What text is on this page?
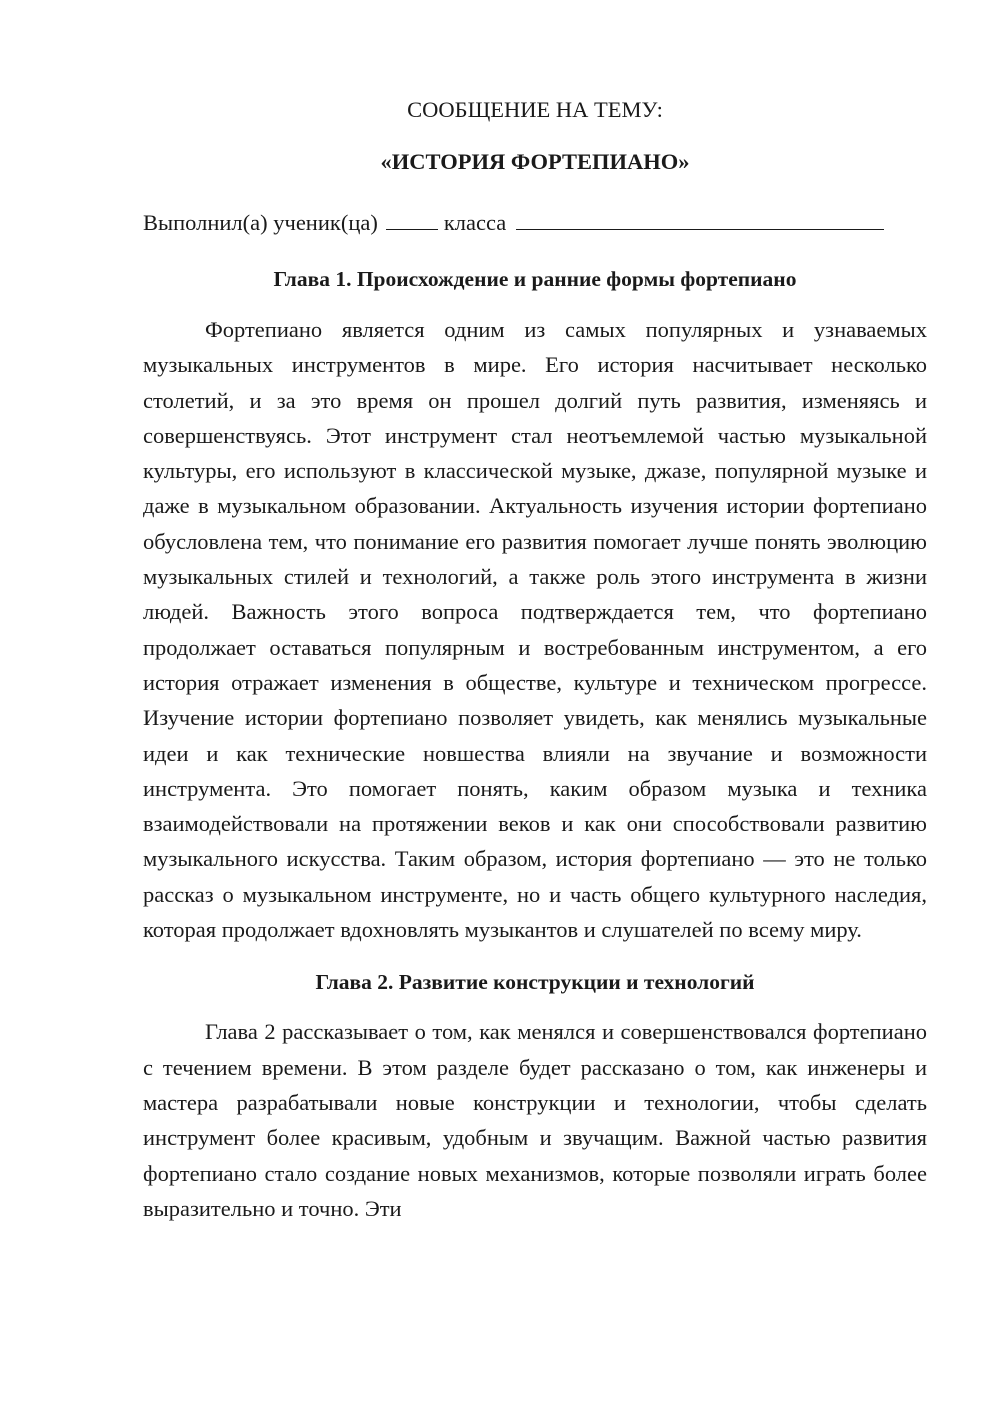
СООБЩЕНИЕ НА ТЕМУ:

«ИСТОРИЯ ФОРТЕПИАНО»

Выполнил(а) ученик(ца)	класса

Глава 1. Происхождение и ранние формы фортепиано

Фортепиано является одним из самых популярных и узнаваемых музыкальных инструментов в мире. Его история насчитывает несколько столетий, и за это время он прошел долгий путь развития, изменяясь и совершенствуясь. Этот инструмент стал неотъемлемой частью музыкальной культуры, его используют в классической музыке, джазе, популярной музыке и даже в музыкальном образовании. Актуальность изучения истории фортепиано обусловлена тем, что понимание его развития помогает лучше понять эволюцию музыкальных стилей и технологий, а также роль этого инструмента в жизни людей. Важность этого вопроса подтверждается тем, что фортепиано продолжает оставаться популярным и востребованным инструментом, а его история отражает изменения в обществе, культуре и техническом прогрессе. Изучение истории фортепиано позволяет увидеть, как менялись музыкальные идеи и как технические новшества влияли на звучание и возможности инструмента. Это помогает понять, каким образом музыка и техника взаимодействовали на протяжении веков и как они способствовали развитию музыкального искусства. Таким образом, история фортепиано — это не только рассказ о музыкальном инструменте, но и часть общего культурного наследия, которая продолжает вдохновлять музыкантов и слушателей по всему миру.

Глава 2. Развитие конструкции и технологий

Глава 2 рассказывает о том, как менялся и совершенствовался фортепиано с течением времени. В этом разделе будет рассказано о том, как инженеры и мастера разрабатывали новые конструкции и технологии, чтобы сделать инструмент более красивым, удобным и звучащим. Важной частью развития фортепиано стало создание новых механизмов, которые позволяли играть более выразительно и точно. Эти
